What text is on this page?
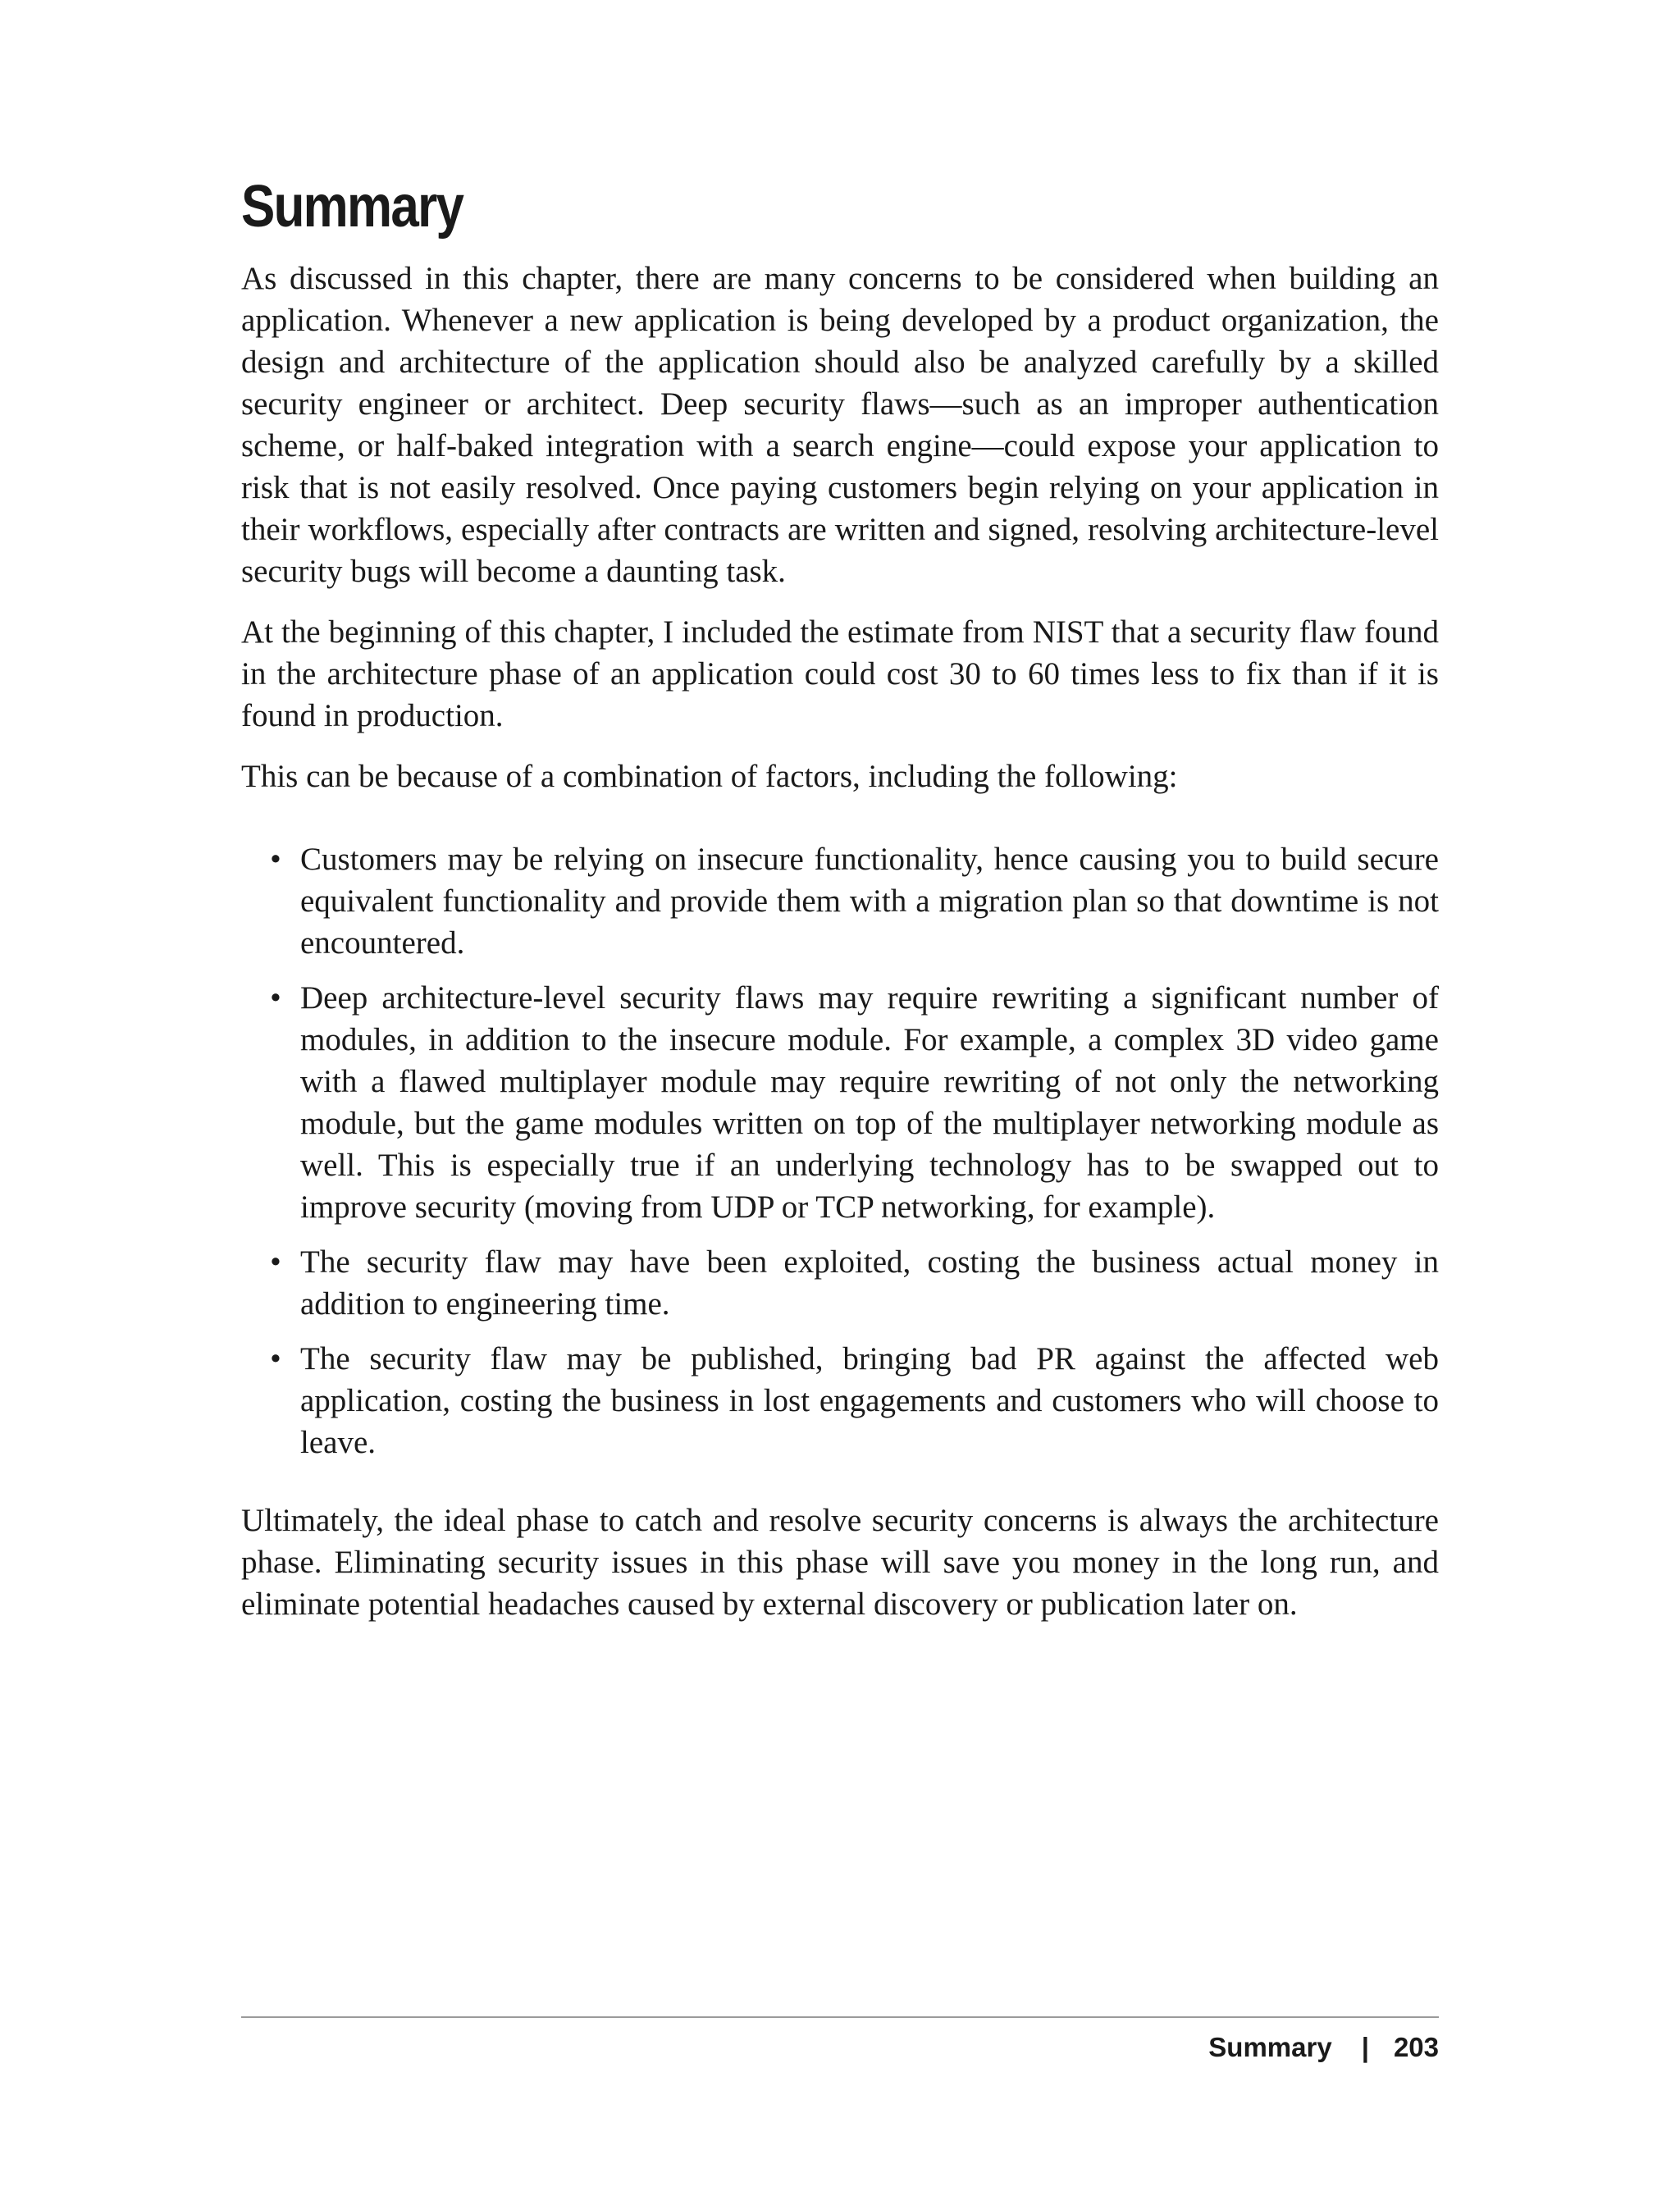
Summary

As discussed in this chapter, there are many concerns to be considered when building an application. Whenever a new application is being developed by a product organization, the design and architecture of the application should also be analyzed carefully by a skilled security engineer or architect. Deep security flaws—such as an improper authentication scheme, or half-baked integration with a search engine—could expose your application to risk that is not easily resolved. Once paying customers begin relying on your application in their workflows, especially after contracts are written and signed, resolving architecture-level security bugs will become a daunting task.

At the beginning of this chapter, I included the estimate from NIST that a security flaw found in the architecture phase of an application could cost 30 to 60 times less to fix than if it is found in production.

This can be because of a combination of factors, including the following:

• Customers may be relying on insecure functionality, hence causing you to build secure equivalent functionality and provide them with a migration plan so that downtime is not encountered.
• Deep architecture-level security flaws may require rewriting a significant number of modules, in addition to the insecure module. For example, a complex 3D video game with a flawed multiplayer module may require rewriting of not only the networking module, but the game modules written on top of the multiplayer networking module as well. This is especially true if an underlying technology has to be swapped out to improve security (moving from UDP or TCP networking, for example).
• The security flaw may have been exploited, costing the business actual money in addition to engineering time.
• The security flaw may be published, bringing bad PR against the affected web application, costing the business in lost engagements and customers who will choose to leave.

Ultimately, the ideal phase to catch and resolve security concerns is always the architecture phase. Eliminating security issues in this phase will save you money in the long run, and eliminate potential headaches caused by external discovery or publication later on.

Summary | 203
